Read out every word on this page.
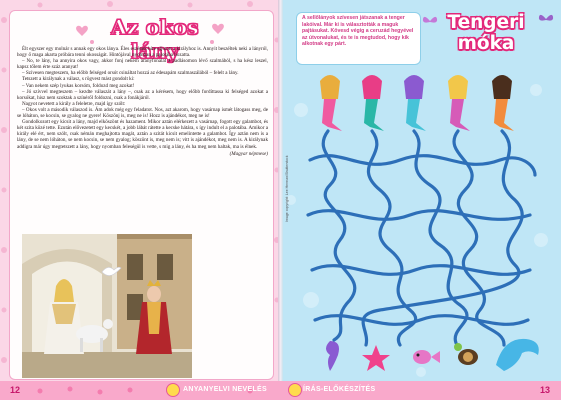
Az okos lány

Élt egyszer egy molnár s annak egy okos lánya. Éles eszének híre eljutott a királyhoz is. Annyit beszéltek neki a lányról, hogy ő maga akarta próbára tenni okosságát. Hintójával nyomban a palotába hozatta.

– No, te lány, ha annyira okos vagy, akkor fonj nekem aranyfonalat a padlásomon lévő szalmából, s ha kész leszel, kapsz tőlem érte száz aranyat!

– Szívesen megteszem, ha előbb felséged orsót csináltat hozzá az édesapám szalmaszálából – felelt a lány.

Tetszett a királynak a válasz, s rögvest mást gondolt ki:

– Van nekem szép lyukas korsóm, foldozd meg azokat!

– Jó szívvel megteszem – kezdte válaszát a lány –, csak az a kérésem, hogy előbb fordíttassa ki felséged azokat a korsókat, hisz nem szoktak a színéről foldozni, csak a fonákjáról.

Nagyot nevetett a király a feleletre, majd így szólt:

– Okos volt a második válaszod is. Ám adok még egy feladatot. Nos, azt akarom, hogy vasárnap ismét látogass meg, de se lóháton, se kocsin, se gyalog ne gyere! Köszönj is, meg ne is! Hozz is ajándékot, meg ne is!

Gondolkozott egy kicsit a lány, majd elköszönt és hazament. Mikor aztán elérkezett a vasárnap, fogott egy galambot, és két szita közé tette. Ezután elővezetett egy kecskét, a jobb lábát rátette a kecske hátára, s így indult el a palotába. Amikor a király elé ért, nem szólt, csak némán meghajtotta magát, aztán a szitát kicsit emelintette a galambot. Így aztán nem is a lány, de se nem lóháton, se nem kocsin, se nem gyalog; köszönt is, meg nem is; vitt is ajándékot, meg nem is. A királynak addigra már úgy megtetszett a lány, hogy nyomban feleségül is vette, s mig a lány, és ha meg nem haltak, ma is élnek.

(Magyar népmese)

A sellőlányok szívesen játszanak a tenger lakóival. Már ki is választották a maguk pajtásukat. Kövesd végig a ceruzád hegyével az útvonalukat, és te is megtudod, hogy kik alkotnak egy párt.
Tengeri
móka
Image copyright: Lee Herman/Shutterstock
12	ANYANYELVI NEVELÉS	ÍRÁS-ELŐKÉSZÍTÉS	13
